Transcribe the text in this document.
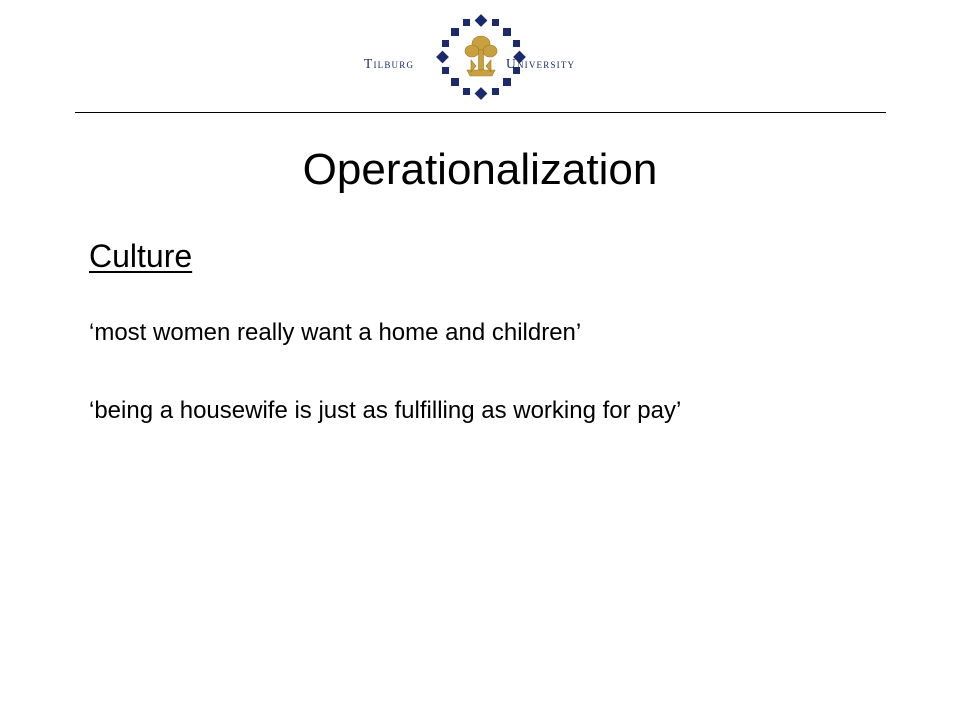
Tilburg	University
Operationalization
Culture
‘most women really want a home and children’
‘being a housewife is just as fulfilling as working for pay’
